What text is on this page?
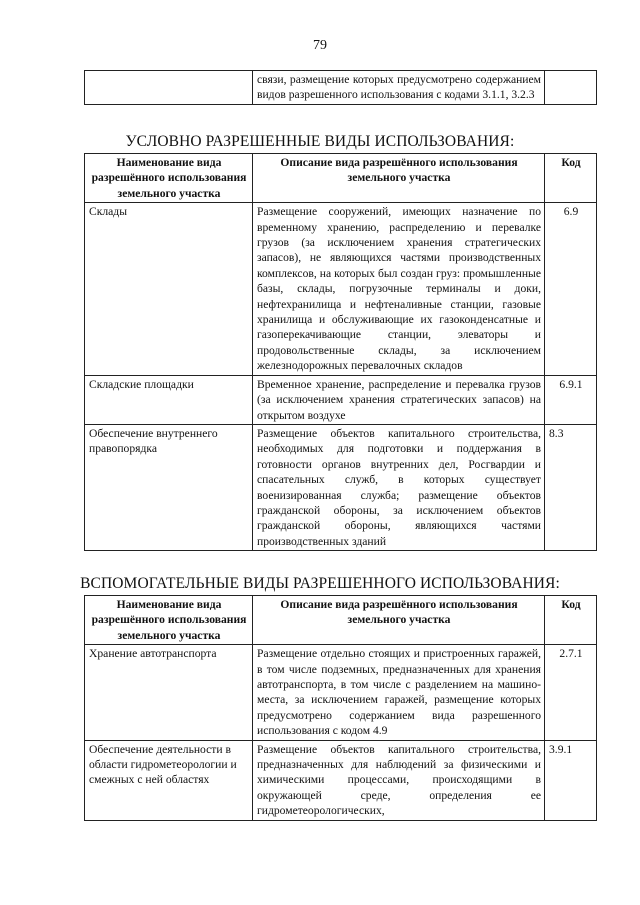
79
	связи, размещение которых предусмотрено содержанием видов разрешенного использования с кодами 3.1.1, 3.2.3	
УСЛОВНО РАЗРЕШЕННЫЕ ВИДЫ ИСПОЛЬЗОВАНИЯ:
Наименование вида разрешённого использования земельного участка	Описание вида разрешённого использования земельного участка	Код
Склады	Размещение сооружений, имеющих назначение по временному хранению, распределению и перевалке грузов (за исключением хранения стратегических запасов), не являющихся частями производственных комплексов, на которых был создан груз: промышленные базы, склады, погрузочные терминалы и доки, нефтехранилища и нефтеналивные станции, газовые хранилища и обслуживающие их газоконденсатные и газоперекачивающие станции, элеваторы и продовольственные склады, за исключением железнодорожных перевалочных складов	6.9
Складские площадки	Временное хранение, распределение и перевалка грузов (за исключением хранения стратегических запасов) на открытом воздухе	6.9.1
Обеспечение внутреннего правопорядка	Размещение объектов капитального строительства, необходимых для подготовки и поддержания в готовности органов внутренних дел, Росгвардии и спасательных служб, в которых существует военизированная служба; размещение объектов гражданской обороны, за исключением объектов гражданской обороны, являющихся частями производственных зданий	8.3
ВСПОМОГАТЕЛЬНЫЕ ВИДЫ РАЗРЕШЕННОГО ИСПОЛЬЗОВАНИЯ:
Наименование вида разрешённого использования земельного участка	Описание вида разрешённого использования земельного участка	Код
Хранение автотранспорта	Размещение отдельно стоящих и пристроенных гаражей, в том числе подземных, предназначенных для хранения автотранспорта, в том числе с разделением на машино-места, за исключением гаражей, размещение которых предусмотрено содержанием вида разрешенного использования с кодом 4.9	2.7.1
Обеспечение деятельности в области гидрометеорологии и смежных с ней областях	Размещение объектов капитального строительства, предназначенных для наблюдений за физическими и химическими процессами, происходящими в окружающей среде, определения ее гидрометеорологических,	3.9.1
